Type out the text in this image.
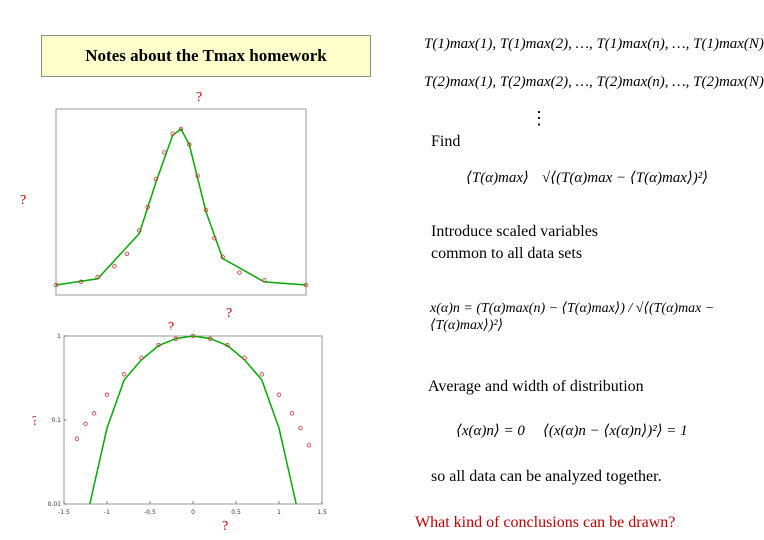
Notes about the Tmax homework
?
?
?
?
?
?
-1.5	-1	-0.5	0	0.5	1	1.5
1
0.1
0.01
T(1)max(1), T(1)max(2), …, T(1)max(n), …, T(1)max(N)
T(2)max(1), T(2)max(2), …, T(2)max(n), …, T(2)max(N)
⋮
Find
⟨T(α)max⟩ √⟨(T(α)max − ⟨T(α)max⟩)²⟩
Introduce scaled variables
common to all data sets
x(α)n = (T(α)max(n) − ⟨T(α)max⟩) / √⟨(T(α)max − ⟨T(α)max⟩)²⟩
Average and width of distribution
⟨x(α)n⟩ = 0 ⟨(x(α)n − ⟨x(α)n⟩)²⟩ = 1
so all data can be analyzed together.
What kind of conclusions can be drawn?
